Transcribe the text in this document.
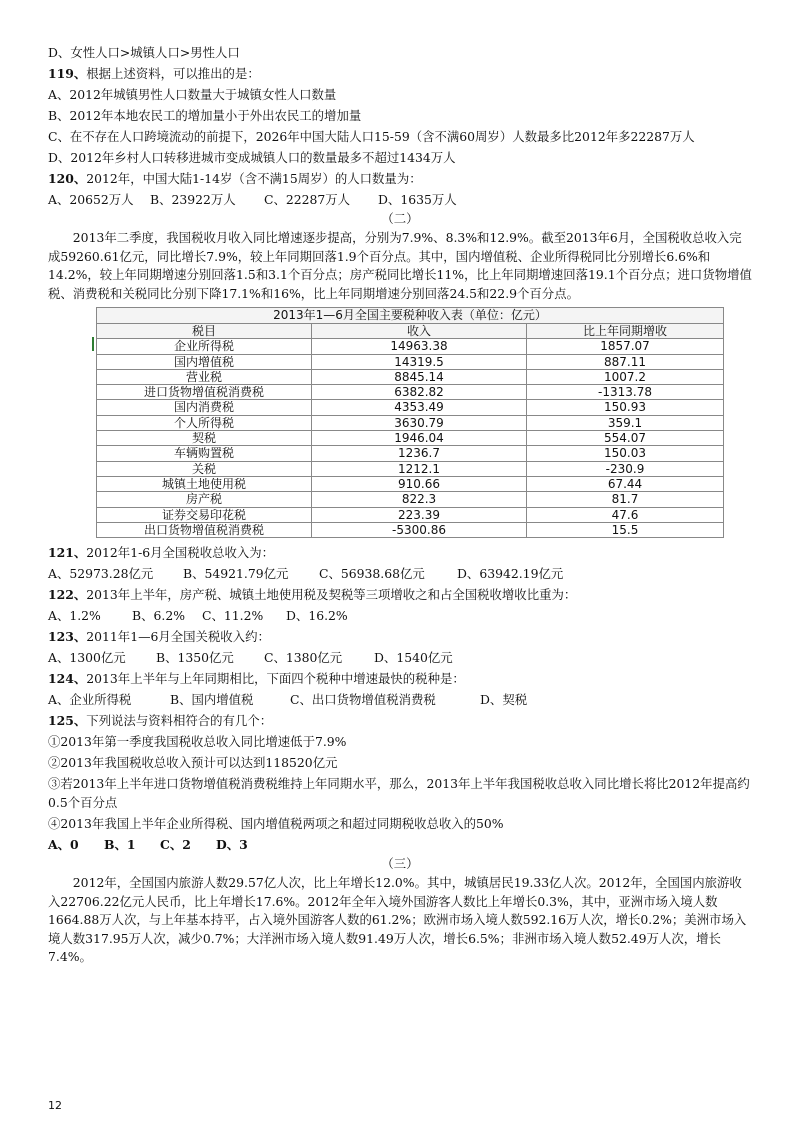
D、女性人口>城镇人口>男性人口
119、根据上述资料，可以推出的是：
A、2012年城镇男性人口数量大于城镇女性人口数量
B、2012年本地农民工的增加量小于外出农民工的增加量
C、在不存在人口跨境流动的前提下，2026年中国大陆人口15-59（含不满60周岁）人数最多比2012年多22287万人
D、2012年乡村人口转移进城市变成城镇人口的数量最多不超过1434万人
120、2012年，中国大陆1-14岁（含不满15周岁）的人口数量为：
A、20652万人 B、23922万人 C、22287万人 D、1635万人
（二）
2013年二季度，我国税收月收入同比增速逐步提高，分别为7.9%、8.3%和12.9%。截至2013年6月，全国税收总收入完成59260.61亿元，同比增长7.9%，较上年同期回落1.9个百分点。其中，国内增值税、企业所得税同比分别增长6.6%和14.2%，较上年同期增速分别回落1.5和3.1个百分点；房产税同比增长11%，比上年同期增速回落19.1个百分点；进口货物增值税、消费税和关税同比分别下降17.1%和16%，比上年同期增速分别回落24.5和22.9个百分点。
2013年1—6月全国主要税种收入表（单位：亿元）
税目	收入	比上年同期增收
企业所得税	14963.38	1857.07
国内增值税	14319.5	887.11
营业税	8845.14	1007.2
进口货物增值税消费税	6382.82	-1313.78
国内消费税	4353.49	150.93
个人所得税	3630.79	359.1
契税	1946.04	554.07
车辆购置税	1236.7	150.03
关税	1212.1	-230.9
城镇土地使用税	910.66	67.44
房产税	822.3	81.7
证券交易印花税	223.39	47.6
出口货物增值税消费税	-5300.86	15.5
121、2012年1-6月全国税收总收入为：
A、52973.28亿元 B、54921.79亿元 C、56938.68亿元	D、63942.19亿元
122、2013年上半年，房产税、城镇土地使用税及契税等三项增收之和占全国税收增收比重为：
A、1.2%	B、6.2% C、11.2% D、16.2%
123、2011年1—6月全国关税收入约：
A、1300亿元 B、1350亿元 C、1380亿元	D、1540亿元
124、2013年上半年与上年同期相比，下面四个税种中增速最快的税种是：
A、企业所得税	B、国内增值税	C、出口货物增值税消费税	D、契税
125、下列说法与资料相符合的有几个：
①2013年第一季度我国税收总收入同比增速低于7.9%
②2013年我国税收总收入预计可以达到118520亿元
③若2013年上半年进口货物增值税消费税维持上年同期水平，那么，2013年上半年我国税收总收入同比增长将比2012年提高约0.5个百分点
④2013年我国上半年企业所得税、国内增值税两项之和超过同期税收总收入的50%
A、0 B、1 C、2 D、3
（三）
2012年，全国国内旅游人数29.57亿人次，比上年增长12.0%。其中，城镇居民19.33亿人次。2012年，全国国内旅游收入22706.22亿元人民币，比上年增长17.6%。2012年全年入境外国游客人数比上年增长0.3%，其中，亚洲市场入境人数1664.88万人次，与上年基本持平，占入境外国游客人数的61.2%；欧洲市场入境人数592.16万人次，增长0.2%；美洲市场入境人数317.95万人次，减少0.7%；大洋洲市场入境人数91.49万人次，增长6.5%；非洲市场入境人数52.49万人次，增长7.4%。
12
